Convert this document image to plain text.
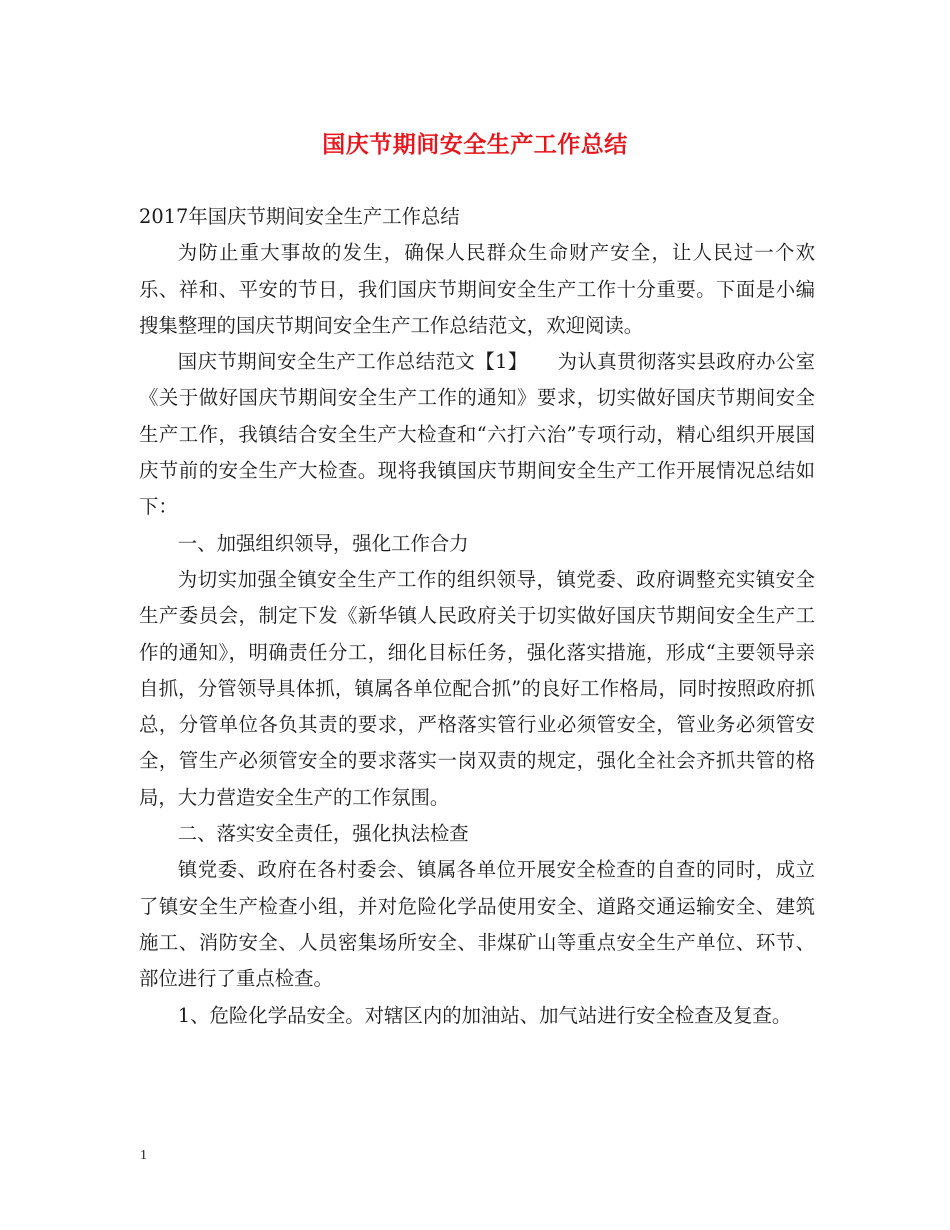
国庆节期间安全生产工作总结

2017年国庆节期间安全生产工作总结

为防止重大事故的发生，确保人民群众生命财产安全，让人民过一个欢乐、祥和、平安的节日，我们国庆节期间安全生产工作十分重要。下面是小编搜集整理的国庆节期间安全生产工作总结范文，欢迎阅读。

国庆节期间安全生产工作总结范文【1】　　为认真贯彻落实县政府办公室《关于做好国庆节期间安全生产工作的通知》要求，切实做好国庆节期间安全生产工作，我镇结合安全生产大检查和“六打六治”专项行动，精心组织开展国庆节前的安全生产大检查。现将我镇国庆节期间安全生产工作开展情况总结如下：

一、加强组织领导，强化工作合力

为切实加强全镇安全生产工作的组织领导，镇党委、政府调整充实镇安全生产委员会，制定下发《新华镇人民政府关于切实做好国庆节期间安全生产工作的通知》，明确责任分工，细化目标任务，强化落实措施，形成“主要领导亲自抓，分管领导具体抓，镇属各单位配合抓”的良好工作格局，同时按照政府抓总，分管单位各负其责的要求，严格落实管行业必须管安全，管业务必须管安全，管生产必须管安全的要求落实一岗双责的规定，强化全社会齐抓共管的格局，大力营造安全生产的工作氛围。

二、落实安全责任，强化执法检查

镇党委、政府在各村委会、镇属各单位开展安全检查的自查的同时，成立了镇安全生产检查小组，并对危险化学品使用安全、道路交通运输安全、建筑施工、消防安全、人员密集场所安全、非煤矿山等重点安全生产单位、环节、部位进行了重点检查。

1、危险化学品安全。对辖区内的加油站、加气站进行安全检查及复查。

1
